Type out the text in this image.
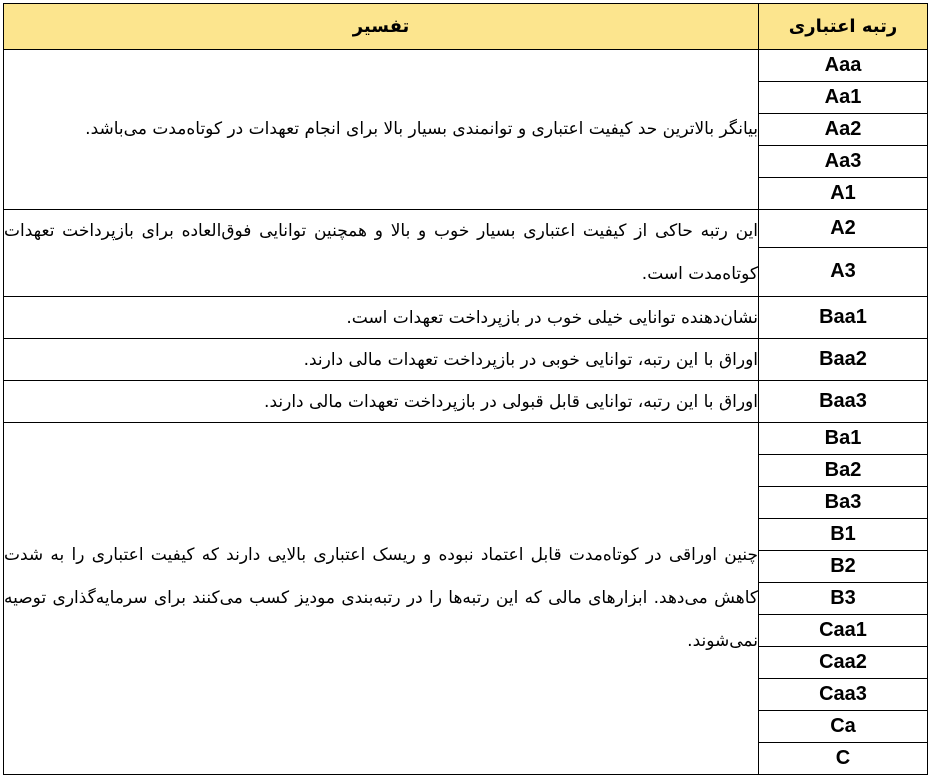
رتبه اعتباری	تفسیر
Aaa	بیانگر بالاترین حد کیفیت اعتباری و توانمندی بسیار بالا برای انجام تعهدات در کوتاه‌مدت می‌باشد.
Aa1	
Aa2	
Aa3	
A1	
A2	این رتبه حاکی از کیفیت اعتباری بسیار خوب و بالا و همچنین توانایی فوق‌العاده برای بازپرداخت تعهدات کوتاه‌مدت است.
A3	
Baa1	نشان‌دهنده توانایی خیلی خوب در بازپرداخت تعهدات است.
Baa2	اوراق با این رتبه، توانایی خوبی در بازپرداخت تعهدات مالی دارند.
Baa3	اوراق با این رتبه، توانایی قابل قبولی در بازپرداخت تعهدات مالی دارند.
Ba1	چنین اوراقی در کوتاه‌مدت قابل اعتماد نبوده و ریسک اعتباری بالایی دارند که کیفیت اعتباری را به شدت کاهش می‌دهد. ابزارهای مالی که این رتبه‌ها را در رتبه‌بندی مودیز کسب می‌کنند برای سرمایه‌گذاری توصیه نمی‌شوند.
Ba2	
Ba3	
B1	
B2	
B3	
Caa1	
Caa2	
Caa3	
Ca	
C	
